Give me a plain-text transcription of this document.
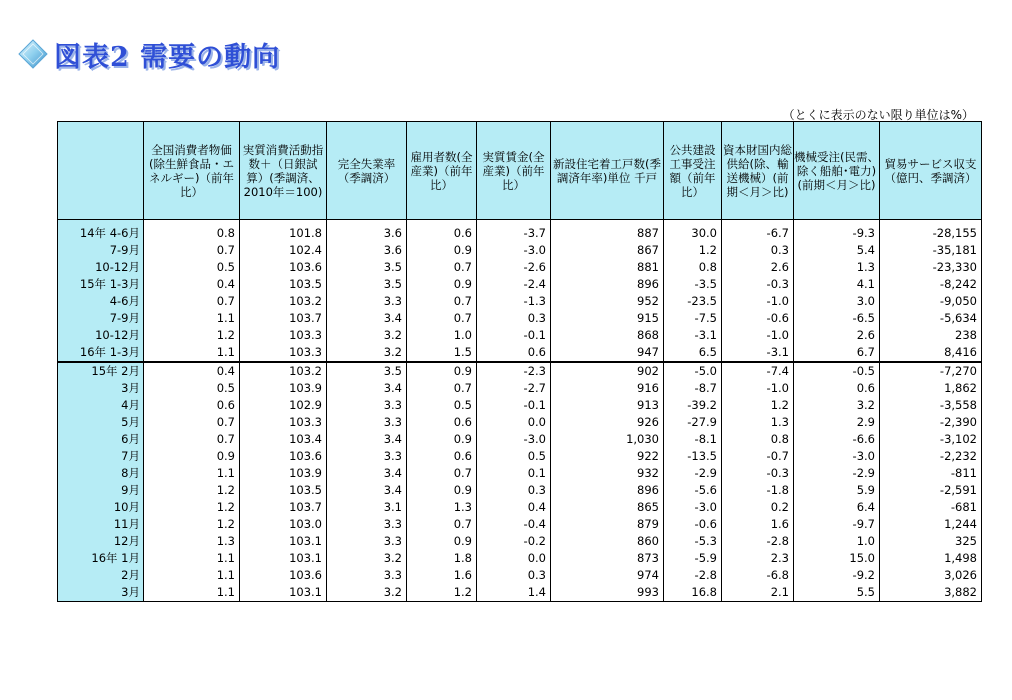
図表2 需要の動向
（とくに表示のない限り単位は%）
	全国消費者物価(除生鮮食品・エネルギー)（前年比）	実質消費活動指数＋（日銀試算）(季調済、2010年＝100)	完全失業率（季調済）	雇用者数(全産業)（前年比）	実質賃金(全産業)（前年比）	新設住宅着工戸数(季調済年率)単位 千戸	公共建設工事受注額（前年比）	資本財国内総供給(除、輸送機械）(前期＜月＞比)	機械受注(民需、除く船舶･電力)(前期＜月＞比)	貿易サービス収支（億円、季調済）
14年 4-6月	0.8	101.8	3.6	0.6	-3.7	887	30.0	-6.7	-9.3	-28,155
7-9月	0.7	102.4	3.6	0.9	-3.0	867	1.2	0.3	5.4	-35,181
10-12月	0.5	103.6	3.5	0.7	-2.6	881	0.8	2.6	1.3	-23,330
15年 1-3月	0.4	103.5	3.5	0.9	-2.4	896	-3.5	-0.3	4.1	-8,242
4-6月	0.7	103.2	3.3	0.7	-1.3	952	-23.5	-1.0	3.0	-9,050
7-9月	1.1	103.7	3.4	0.7	0.3	915	-7.5	-0.6	-6.5	-5,634
10-12月	1.2	103.3	3.2	1.0	-0.1	868	-3.1	-1.0	2.6	238
16年 1-3月	1.1	103.3	3.2	1.5	0.6	947	6.5	-3.1	6.7	8,416
15年 2月	0.4	103.2	3.5	0.9	-2.3	902	-5.0	-7.4	-0.5	-7,270
3月	0.5	103.9	3.4	0.7	-2.7	916	-8.7	-1.0	0.6	1,862
4月	0.6	102.9	3.3	0.5	-0.1	913	-39.2	1.2	3.2	-3,558
5月	0.7	103.3	3.3	0.6	0.0	926	-27.9	1.3	2.9	-2,390
6月	0.7	103.4	3.4	0.9	-3.0	1,030	-8.1	0.8	-6.6	-3,102
7月	0.9	103.6	3.3	0.6	0.5	922	-13.5	-0.7	-3.0	-2,232
8月	1.1	103.9	3.4	0.7	0.1	932	-2.9	-0.3	-2.9	-811
9月	1.2	103.5	3.4	0.9	0.3	896	-5.6	-1.8	5.9	-2,591
10月	1.2	103.7	3.1	1.3	0.4	865	-3.0	0.2	6.4	-681
11月	1.2	103.0	3.3	0.7	-0.4	879	-0.6	1.6	-9.7	1,244
12月	1.3	103.1	3.3	0.9	-0.2	860	-5.3	-2.8	1.0	325
16年 1月	1.1	103.1	3.2	1.8	0.0	873	-5.9	2.3	15.0	1,498
2月	1.1	103.6	3.3	1.6	0.3	974	-2.8	-6.8	-9.2	3,026
3月	1.1	103.1	3.2	1.2	1.4	993	16.8	2.1	5.5	3,882
